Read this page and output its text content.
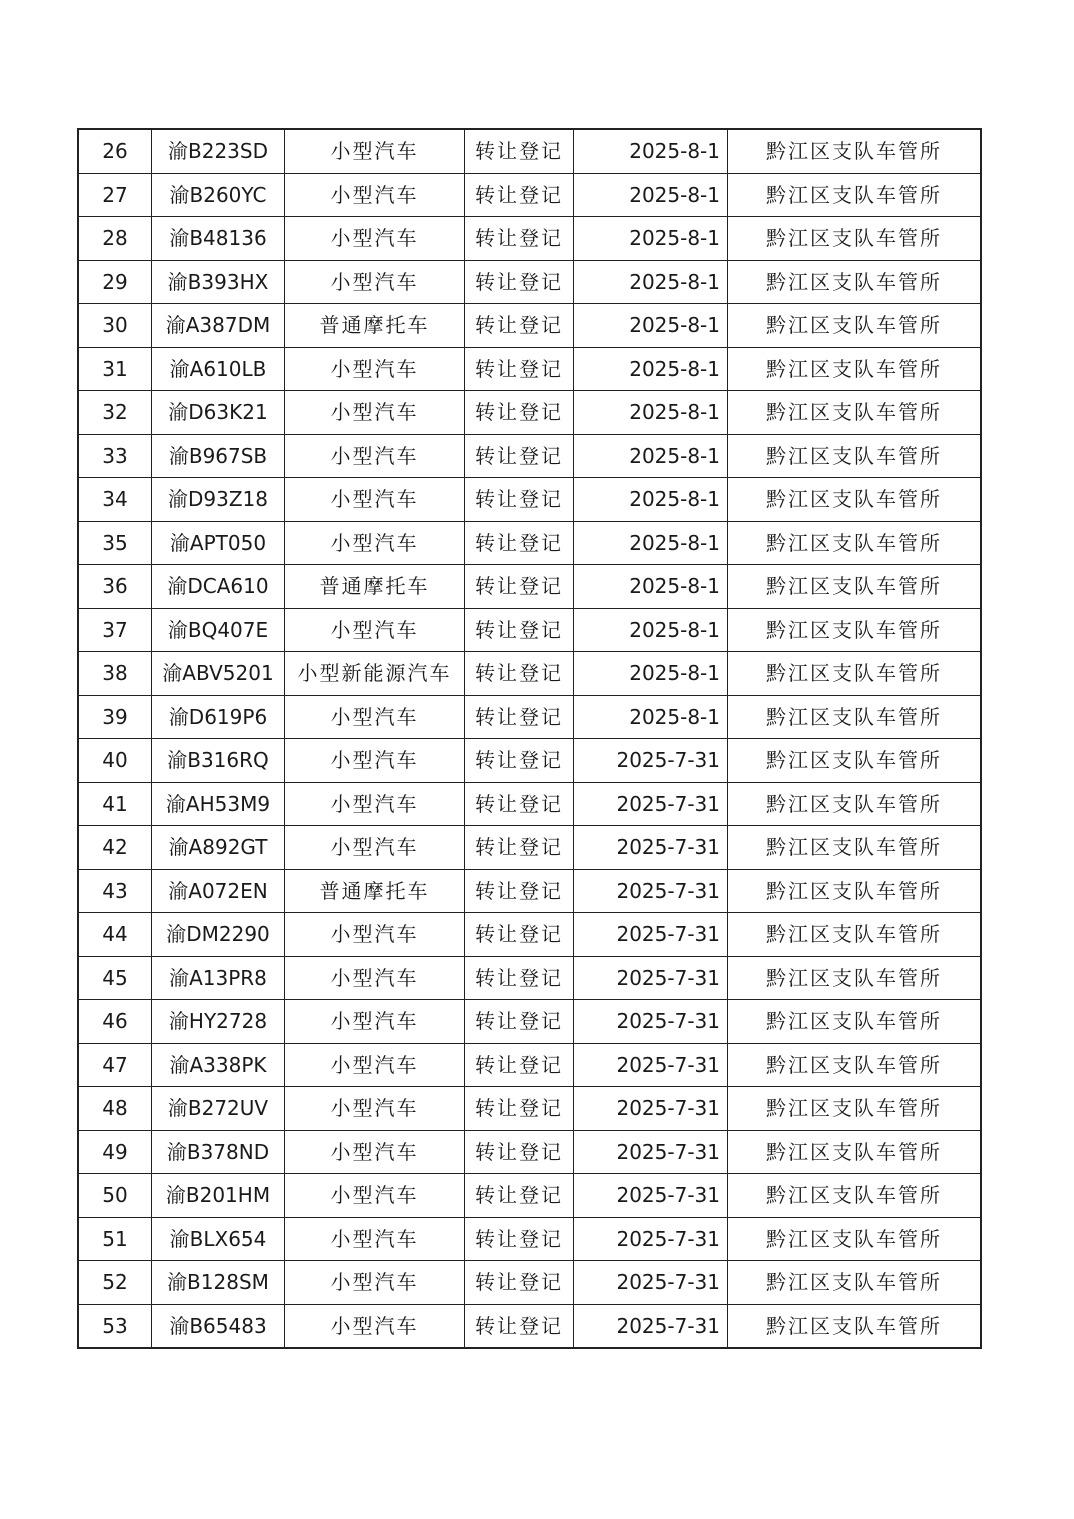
26	渝B223SD	小型汽车	转让登记	2025-8-1	黔江区支队车管所
27	渝B260YC	小型汽车	转让登记	2025-8-1	黔江区支队车管所
28	渝B48136	小型汽车	转让登记	2025-8-1	黔江区支队车管所
29	渝B393HX	小型汽车	转让登记	2025-8-1	黔江区支队车管所
30	渝A387DM	普通摩托车	转让登记	2025-8-1	黔江区支队车管所
31	渝A610LB	小型汽车	转让登记	2025-8-1	黔江区支队车管所
32	渝D63K21	小型汽车	转让登记	2025-8-1	黔江区支队车管所
33	渝B967SB	小型汽车	转让登记	2025-8-1	黔江区支队车管所
34	渝D93Z18	小型汽车	转让登记	2025-8-1	黔江区支队车管所
35	渝APT050	小型汽车	转让登记	2025-8-1	黔江区支队车管所
36	渝DCA610	普通摩托车	转让登记	2025-8-1	黔江区支队车管所
37	渝BQ407E	小型汽车	转让登记	2025-8-1	黔江区支队车管所
38	渝ABV5201	小型新能源汽车	转让登记	2025-8-1	黔江区支队车管所
39	渝D619P6	小型汽车	转让登记	2025-8-1	黔江区支队车管所
40	渝B316RQ	小型汽车	转让登记	2025-7-31	黔江区支队车管所
41	渝AH53M9	小型汽车	转让登记	2025-7-31	黔江区支队车管所
42	渝A892GT	小型汽车	转让登记	2025-7-31	黔江区支队车管所
43	渝A072EN	普通摩托车	转让登记	2025-7-31	黔江区支队车管所
44	渝DM2290	小型汽车	转让登记	2025-7-31	黔江区支队车管所
45	渝A13PR8	小型汽车	转让登记	2025-7-31	黔江区支队车管所
46	渝HY2728	小型汽车	转让登记	2025-7-31	黔江区支队车管所
47	渝A338PK	小型汽车	转让登记	2025-7-31	黔江区支队车管所
48	渝B272UV	小型汽车	转让登记	2025-7-31	黔江区支队车管所
49	渝B378ND	小型汽车	转让登记	2025-7-31	黔江区支队车管所
50	渝B201HM	小型汽车	转让登记	2025-7-31	黔江区支队车管所
51	渝BLX654	小型汽车	转让登记	2025-7-31	黔江区支队车管所
52	渝B128SM	小型汽车	转让登记	2025-7-31	黔江区支队车管所
53	渝B65483	小型汽车	转让登记	2025-7-31	黔江区支队车管所
